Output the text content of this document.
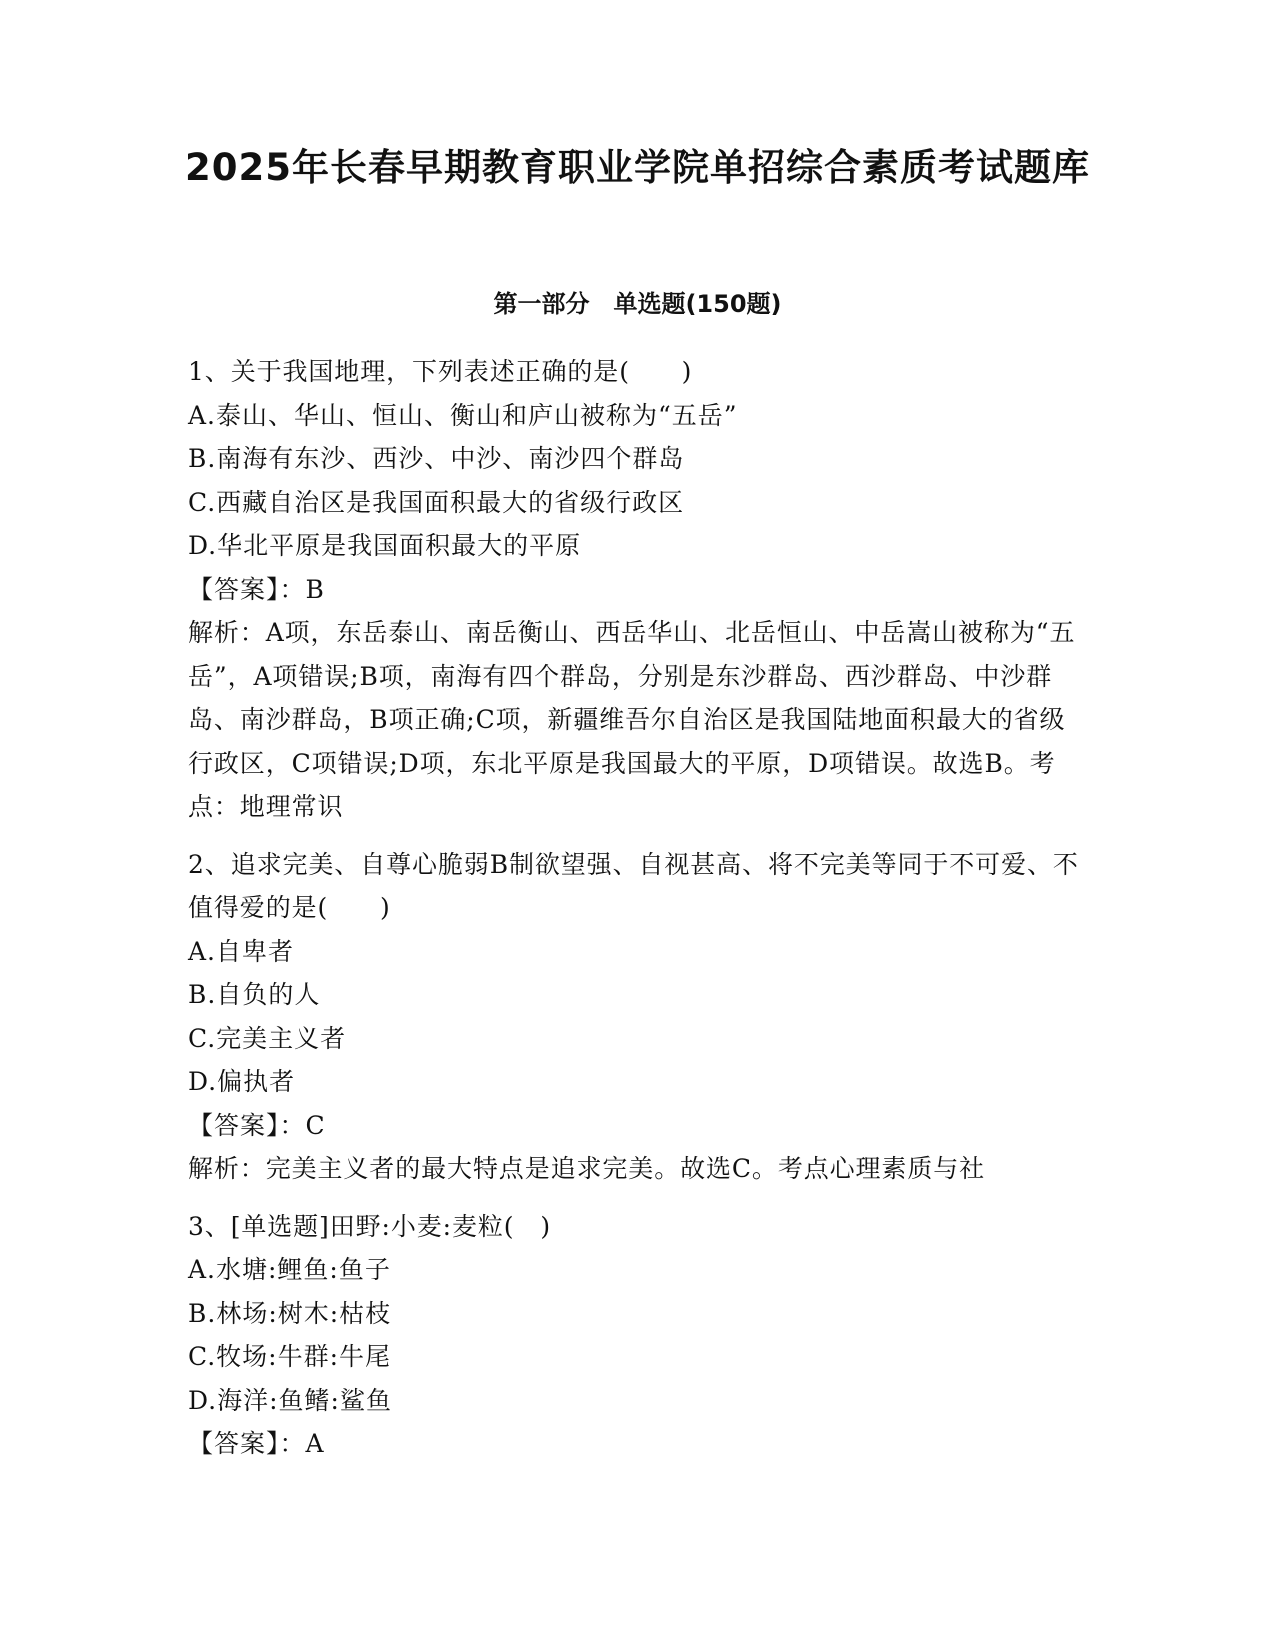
2025年长春早期教育职业学院单招综合素质考试题库
第一部分　单选题(150题)

1、关于我国地理，下列表述正确的是(　　)

A.泰山、华山、恒山、衡山和庐山被称为“五岳”

B.南海有东沙、西沙、中沙、南沙四个群岛

C.西藏自治区是我国面积最大的省级行政区

D.华北平原是我国面积最大的平原

【答案】：B

解析：A项，东岳泰山、南岳衡山、西岳华山、北岳恒山、中岳嵩山被称为“五岳”，A项错误;B项，南海有四个群岛，分别是东沙群岛、西沙群岛、中沙群岛、南沙群岛，B项正确;C项，新疆维吾尔自治区是我国陆地面积最大的省级行政区，C项错误;D项，东北平原是我国最大的平原，D项错误。故选B。考点：地理常识

2、追求完美、自尊心脆弱B制欲望强、自视甚高、将不完美等同于不可爱、不值得爱的是(　　)

A.自卑者

B.自负的人

C.完美主义者

D.偏执者

【答案】：C

解析：完美主义者的最大特点是追求完美。故选C。考点心理素质与社

3、[单选题]田野:小麦:麦粒(　)

A.水塘:鲤鱼:鱼子

B.林场:树木:枯枝

C.牧场:牛群:牛尾

D.海洋:鱼鳍:鲨鱼

【答案】：A
